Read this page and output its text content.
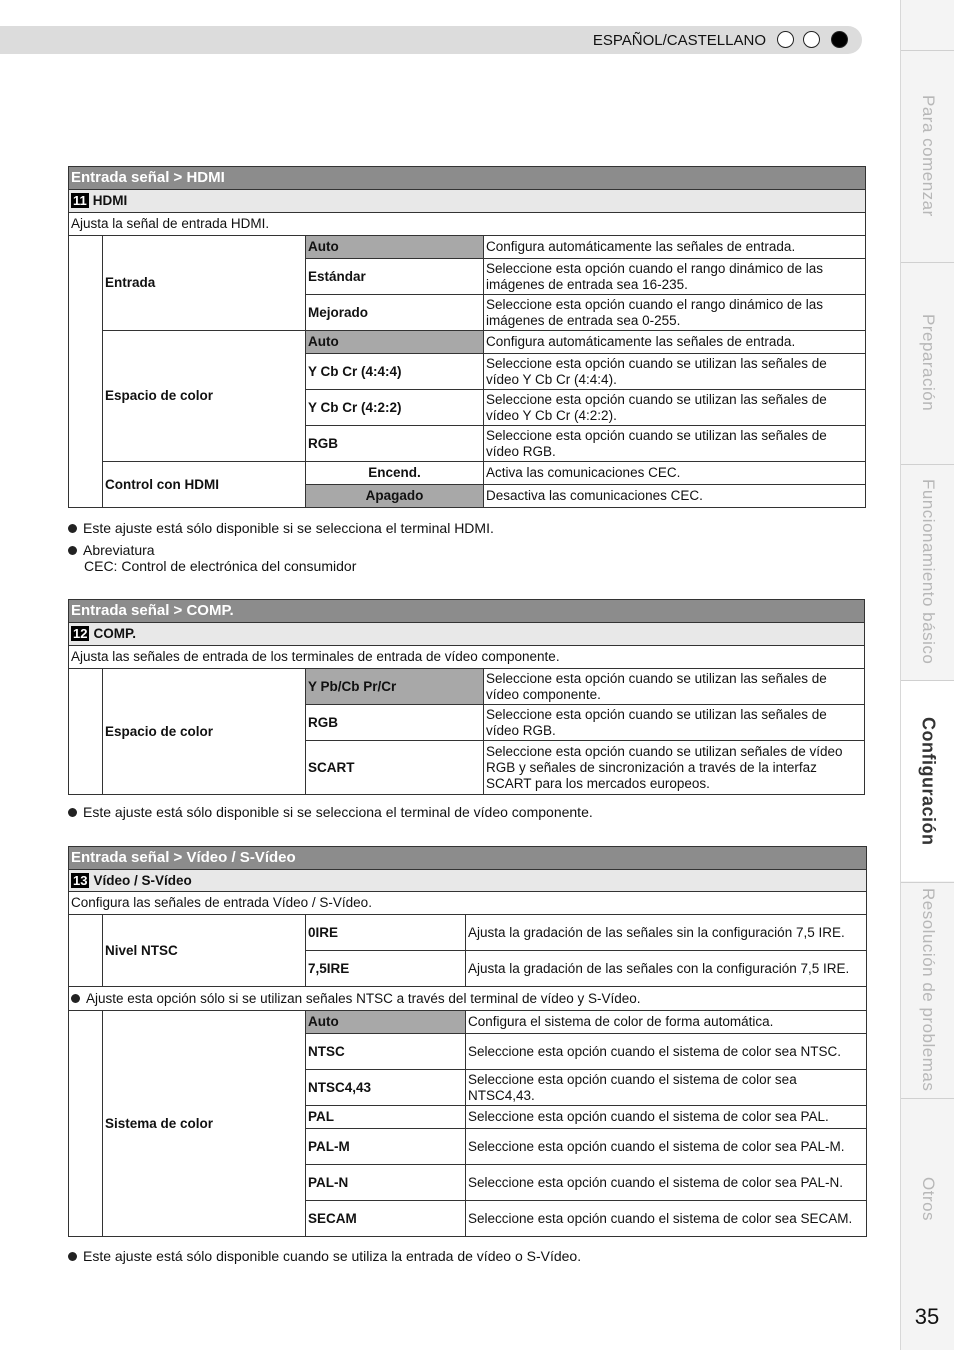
ESPAÑOL/CASTELLANO
Para comenzar
Preparación
Funcionamiento básico
Configuración
Resolución de problemas
Otros
35
Entrada señal > HDMI			
11 HDMI			
Ajusta la señal de entrada HDMI.			
	Entrada	Auto	Configura automáticamente las señales de entrada.
		Estándar	Seleccione esta opción cuando el rango dinámico de las imágenes de entrada sea 16-235.
		Mejorado	Seleccione esta opción cuando el rango dinámico de las imágenes de entrada sea 0-255.
	Espacio de color	Auto	Configura automáticamente las señales de entrada.
		Y Cb Cr (4:4:4)	Seleccione esta opción cuando se utilizan las señales de vídeo Y Cb Cr (4:4:4).
		Y Cb Cr (4:2:2)	Seleccione esta opción cuando se utilizan las señales de vídeo Y Cb Cr (4:2:2).
		RGB	Seleccione esta opción cuando se utilizan las señales de vídeo RGB.
	Control con HDMI	Encend.	Activa las comunicaciones CEC.
		Apagado	Desactiva las comunicaciones CEC.
Este ajuste está sólo disponible si se selecciona el terminal HDMI.
Abreviatura
CEC: Control de electrónica del consumidor
Entrada señal > COMP.			
12 COMP.			
Ajusta las señales de entrada de los terminales de entrada de vídeo componente.			
	Espacio de color	Y Pb/Cb Pr/Cr	Seleccione esta opción cuando se utilizan las señales de vídeo componente.
		RGB	Seleccione esta opción cuando se utilizan las señales de vídeo RGB.
		SCART	Seleccione esta opción cuando se utilizan señales de vídeo RGB y señales de sincronización a través de la interfaz SCART para los mercados europeos.
Este ajuste está sólo disponible si se selecciona el terminal de vídeo componente.
Entrada señal > Vídeo / S-Vídeo			
13 Vídeo / S-Vídeo			
Configura las señales de entrada Vídeo / S-Vídeo.			
	Nivel NTSC	0IRE	Ajusta la gradación de las señales sin la configuración 7,5 IRE.
		7,5IRE	Ajusta la gradación de las señales con la configuración 7,5 IRE.
Ajuste esta opción sólo si se utilizan señales NTSC a través del terminal de vídeo y S-Vídeo.			
	Sistema de color	Auto	Configura el sistema de color de forma automática.
		NTSC	Seleccione esta opción cuando el sistema de color sea NTSC.
		NTSC4,43	Seleccione esta opción cuando el sistema de color sea NTSC4,43.
		PAL	Seleccione esta opción cuando el sistema de color sea PAL.
		PAL-M	Seleccione esta opción cuando el sistema de color sea PAL-M.
		PAL-N	Seleccione esta opción cuando el sistema de color sea PAL-N.
		SECAM	Seleccione esta opción cuando el sistema de color sea SECAM.
Este ajuste está sólo disponible cuando se utiliza la entrada de vídeo o S-Vídeo.
